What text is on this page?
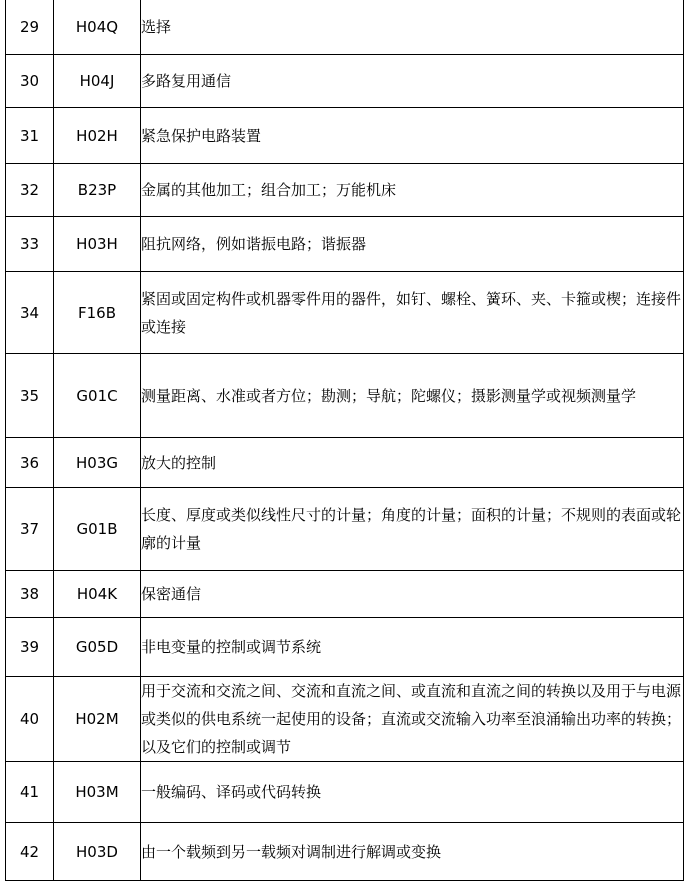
29	H04Q	选择
30	H04J	多路复用通信
31	H02H	紧急保护电路装置
32	B23P	金属的其他加工；组合加工；万能机床
33	H03H	阻抗网络，例如谐振电路；谐振器
34	F16B	紧固或固定构件或机器零件用的器件，如钉、螺栓、簧环、夹、卡箍或楔；连接件或连接
35	G01C	测量距离、水准或者方位；勘测；导航；陀螺仪；摄影测量学或视频测量学
36	H03G	放大的控制
37	G01B	长度、厚度或类似线性尺寸的计量；角度的计量；面积的计量；不规则的表面或轮廓的计量
38	H04K	保密通信
39	G05D	非电变量的控制或调节系统
40	H02M	用于交流和交流之间、交流和直流之间、或直流和直流之间的转换以及用于与电源或类似的供电系统一起使用的设备；直流或交流输入功率至浪涌输出功率的转换；以及它们的控制或调节
41	H03M	一般编码、译码或代码转换
42	H03D	由一个载频到另一载频对调制进行解调或变换
